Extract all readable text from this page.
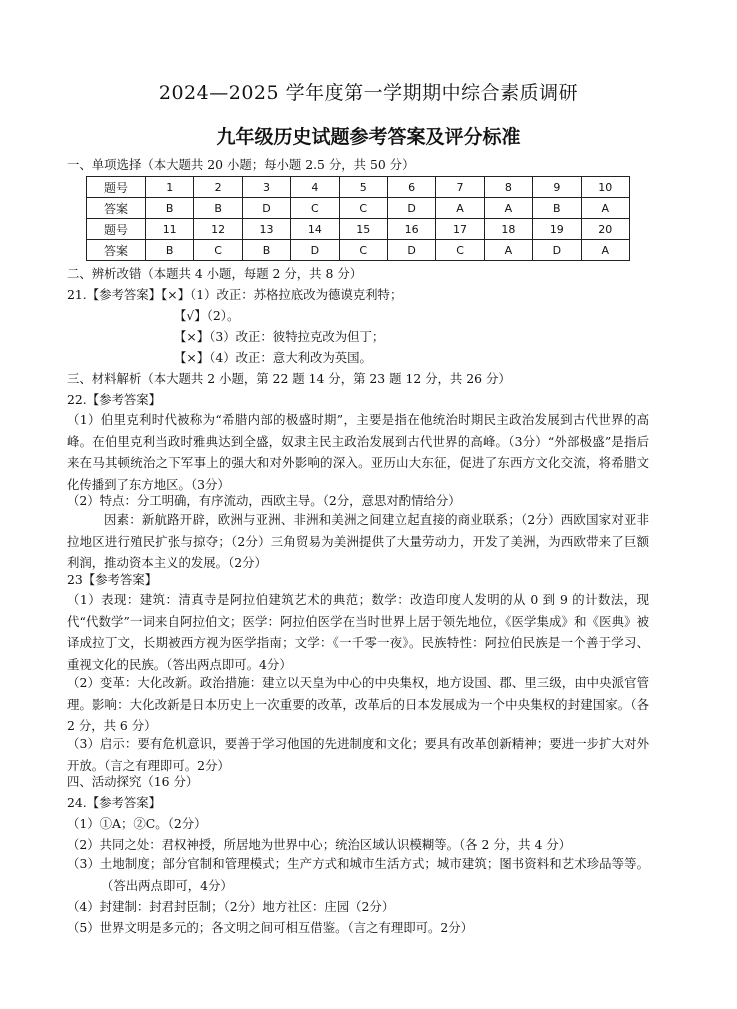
2024—2025 学年度第一学期期中综合素质调研
九年级历史试题参考答案及评分标准
一、单项选择（本大题共 20 小题；每小题 2.5 分，共 50 分）
题号	1	2	3	4	5	6	7	8	9	10
答案	B	B	D	C	C	D	A	A	B	A
题号	11	12	13	14	15	16	17	18	19	20
答案	B	C	B	D	C	D	C	A	D	A
二、辨析改错（本题共 4 小题，每题 2 分，共 8 分）
21.【参考答案】【×】（1）改正：苏格拉底改为德谟克利特；
【√】（2）。
【×】（3）改正：彼特拉克改为但丁；
【×】（4）改正：意大利改为英国。
三、材料解析（本大题共 2 小题，第 22 题 14 分，第 23 题 12 分，共 26 分）
22.【参考答案】
（1）伯里克利时代被称为“希腊内部的极盛时期”，主要是指在他统治时期民主政治发展到古代世界的高峰。在伯里克利当政时雅典达到全盛，奴隶主民主政治发展到古代世界的高峰。（3分）“外部极盛”是指后来在马其顿统治之下军事上的强大和对外影响的深入。亚历山大东征，促进了东西方文化交流，将希腊文化传播到了东方地区。（3分）
（2）特点：分工明确，有序流动，西欧主导。（2分，意思对酌情给分）
因素：新航路开辟，欧洲与亚洲、非洲和美洲之间建立起直接的商业联系；（2分）西欧国家对亚非拉地区进行殖民扩张与掠夺；（2分）三角贸易为美洲提供了大量劳动力，开发了美洲，为西欧带来了巨额利润，推动资本主义的发展。（2分）
23【参考答案】
（1）表现：建筑：清真寺是阿拉伯建筑艺术的典范；数学：改造印度人发明的从 0 到 9 的计数法，现代“代数学”一词来自阿拉伯文；医学：阿拉伯医学在当时世界上居于领先地位，《医学集成》和《医典》被译成拉丁文，长期被西方视为医学指南；文学：《一千零一夜》。民族特性：阿拉伯民族是一个善于学习、重视文化的民族。（答出两点即可。4分）
（2）变革：大化改新。政治措施：建立以天皇为中心的中央集权，地方设国、郡、里三级，由中央派官管理。影响：大化改新是日本历史上一次重要的改革，改革后的日本发展成为一个中央集权的封建国家。（各 2 分，共 6 分）
（3）启示：要有危机意识，要善于学习他国的先进制度和文化；要具有改革创新精神；要进一步扩大对外开放。（言之有理即可。2分）
四、活动探究（16 分）
24.【参考答案】
（1）①A；②C。（2分）
（2）共同之处：君权神授，所居地为世界中心；统治区域认识模糊等。（各 2 分，共 4 分）
（3）土地制度；部分官制和管理模式；生产方式和城市生活方式；城市建筑；图书资料和艺术珍品等等。（答出两点即可，4分）
（4）封建制：封君封臣制；（2分）地方社区：庄园（2分）
（5）世界文明是多元的；各文明之间可相互借鉴。（言之有理即可。2分）
